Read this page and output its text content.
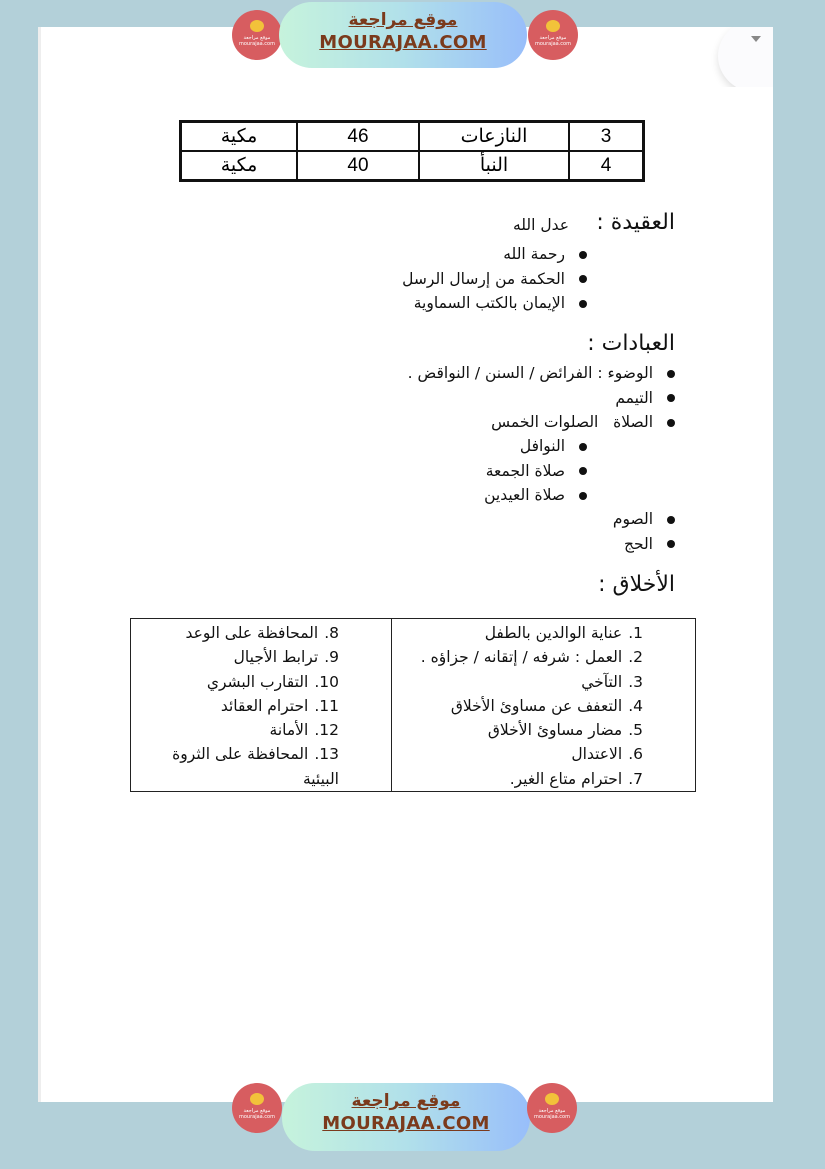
موقع مراجعة
mourajaa.com
موقع مراجعة
MOURAJAA.COM	موقع مراجعة
mourajaa.com
مكية	46	النازعات	3
مكية	40	النبأ	4
العقيدة :
عدل الله
رحمة الله
الحكمة من إرسال الرسل
الإيمان بالكتب السماوية
العبادات :
الوضوء : الفرائض / السنن / النواقض .
التيمم
الصلاة   الصلوات الخمس
النوافل
صلاة الجمعة
صلاة العيدين
الصوم
الحج
الأخلاق :
8.المحافظة على الوعد
9.ترابط الأجيال
10.التقارب البشري
11.احترام العقائد
12.الأمانة
13.المحافظة على الثروة
البيئية

1.عناية الوالدين بالطفل
2.العمل : شرفه / إتقانه / جزاؤه .
3.التآخي
4.التعفف عن مساوئ الأخلاق
5.مضار مساوئ الأخلاق
6.الاعتدال
7.احترام متاع الغير.
موقع مراجعة
mourajaa.com
موقع مراجعة
MOURAJAA.COM
موقع مراجعة
mourajaa.com
